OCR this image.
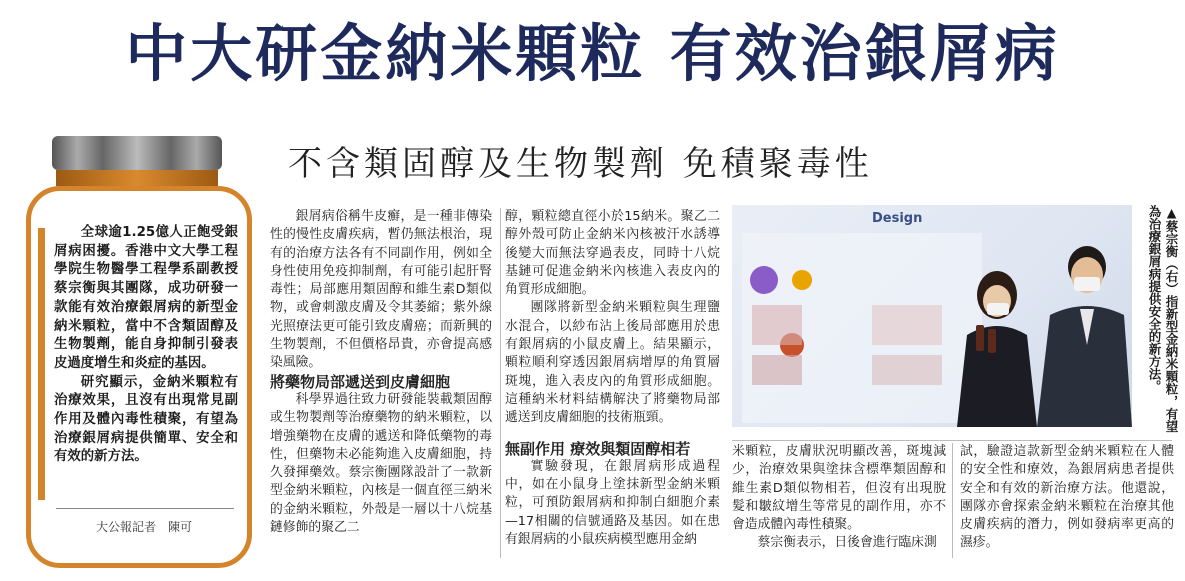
中大研金納米顆粒 有效治銀屑病
不含類固醇及生物製劑 免積聚毒性

全球逾1.25億人正飽受銀屑病困擾。香港中文大學工程學院生物醫學工程學系副教授蔡宗衡與其團隊，成功研發一款能有效治療銀屑病的新型金納米顆粒，當中不含類固醇及生物製劑，能自身抑制引發表皮過度增生和炎症的基因。

研究顯示，金納米顆粒有治療效果，且沒有出現常見副作用及體內毒性積聚，有望為治療銀屑病提供簡單、安全和有效的新方法。

大公報記者　陳可

銀屑病俗稱牛皮癬，是一種非傳染性的慢性皮膚疾病，暫仍無法根治，現有的治療方法各有不同副作用，例如全身性使用免疫抑制劑，有可能引起肝腎毒性；局部應用類固醇和維生素D類似物，或會刺激皮膚及令其萎縮；紫外線光照療法更可能引致皮膚癌；而新興的生物製劑，不但價格昂貴，亦會提高感染風險。

將藥物局部遞送到皮膚細胞

科學界過往致力研發能裝載類固醇或生物製劑等治療藥物的納米顆粒，以增強藥物在皮膚的遞送和降低藥物的毒性，但藥物未必能夠進入皮膚細胞，持久發揮藥效。蔡宗衡團隊設計了一款新型金納米顆粒，內核是一個直徑三納米的金納米顆粒，外殼是一層以十八烷基鏈修飾的聚乙二

醇，顆粒總直徑小於15納米。聚乙二醇外殼可防止金納米內核被汗水誘導後變大而無法穿過表皮，同時十八烷基鏈可促進金納米內核進入表皮內的角質形成細胞。

團隊將新型金納米顆粒與生理鹽水混合，以紗布沾上後局部應用於患有銀屑病的小鼠皮膚上。結果顯示，顆粒順利穿透因銀屑病增厚的角質層斑塊，進入表皮內的角質形成細胞。這種納米材料結構解決了將藥物局部遞送到皮膚細胞的技術瓶頸。

無副作用 療效與類固醇相若

實驗發現，在銀屑病形成過程中，如在小鼠身上塗抹新型金納米顆粒，可預防銀屑病和抑制白細胞介素—17相關的信號通路及基因。如在患有銀屑病的小鼠疾病模型應用金納

Design	▲蔡宗衡（右）指新型金納米顆粒，有望為治療銀屑病提供安全的新方法。

米顆粒，皮膚狀況明顯改善，斑塊減少，治療效果與塗抹含標準類固醇和維生素D類似物相若，但沒有出現脫髮和皺紋增生等常見的副作用，亦不會造成體內毒性積聚。

蔡宗衡表示，日後會進行臨床測

試，驗證這款新型金納米顆粒在人體的安全性和療效，為銀屑病患者提供安全和有效的新治療方法。他還說，團隊亦會探索金納米顆粒在治療其他皮膚疾病的潛力，例如發病率更高的濕疹。
